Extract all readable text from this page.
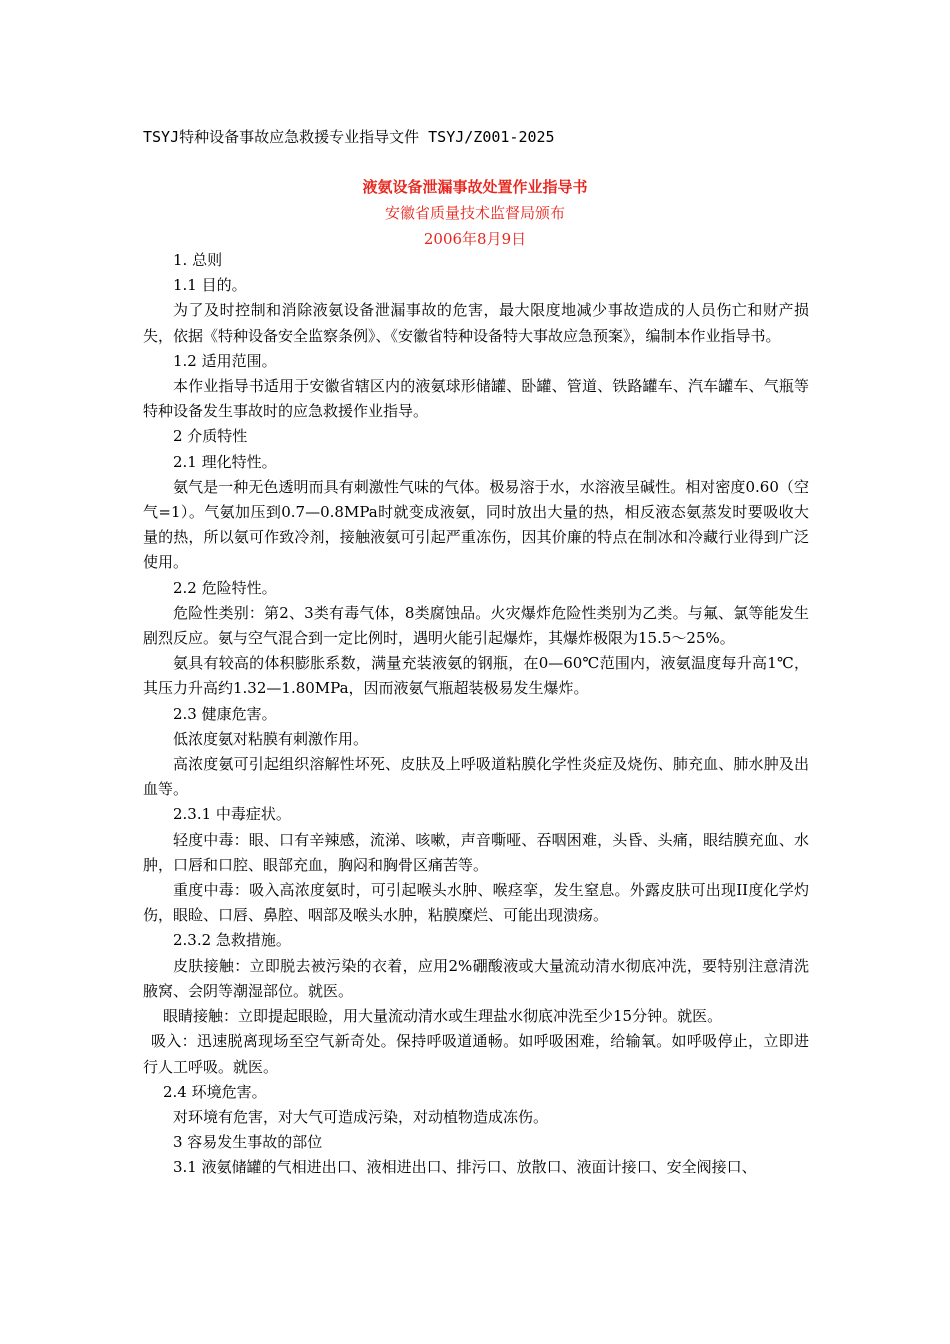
TSYJ特种设备事故应急救援专业指导文件 TSYJ/Z001-2025
液氨设备泄漏事故处置作业指导书
安徽省质量技术监督局颁布
2006年8月9日

1. 总则

1.1 目的。

为了及时控制和消除液氨设备泄漏事故的危害，最大限度地减少事故造成的人员伤亡和财产损失，依据《特种设备安全监察条例》、《安徽省特种设备特大事故应急预案》，编制本作业指导书。

1.2 适用范围。

本作业指导书适用于安徽省辖区内的液氨球形储罐、卧罐、管道、铁路罐车、汽车罐车、气瓶等特种设备发生事故时的应急救援作业指导。

2 介质特性

2.1 理化特性。

氨气是一种无色透明而具有刺激性气味的气体。极易溶于水，水溶液呈碱性。相对密度0.60（空气=1）。气氨加压到0.7—0.8MPa时就变成液氨，同时放出大量的热，相反液态氨蒸发时要吸收大量的热，所以氨可作致冷剂，接触液氨可引起严重冻伤，因其价廉的特点在制冰和冷藏行业得到广泛使用。

2.2 危险特性。

危险性类别：第2、3类有毒气体，8类腐蚀品。火灾爆炸危险性类别为乙类。与氟、氯等能发生剧烈反应。氨与空气混合到一定比例时，遇明火能引起爆炸，其爆炸极限为15.5～25%。

氨具有较高的体积膨胀系数，满量充装液氨的钢瓶，在0—60℃范围内，液氨温度每升高1℃，其压力升高约1.32—1.80MPa，因而液氨气瓶超装极易发生爆炸。

2.3 健康危害。

低浓度氨对粘膜有刺激作用。

高浓度氨可引起组织溶解性坏死、皮肤及上呼吸道粘膜化学性炎症及烧伤、肺充血、肺水肿及出血等。

2.3.1 中毒症状。

轻度中毒：眼、口有辛辣感，流涕、咳嗽，声音嘶哑、吞咽困难，头昏、头痛，眼结膜充血、水肿，口唇和口腔、眼部充血，胸闷和胸骨区痛苦等。

重度中毒：吸入高浓度氨时，可引起喉头水肿、喉痉挛，发生窒息。外露皮肤可出现II度化学灼伤，眼睑、口唇、鼻腔、咽部及喉头水肿，粘膜糜烂、可能出现溃疡。

2.3.2 急救措施。

皮肤接触：立即脱去被污染的衣着，应用2%硼酸液或大量流动清水彻底冲洗，要特别注意清洗腋窝、会阴等潮湿部位。就医。

眼睛接触：立即提起眼睑，用大量流动清水或生理盐水彻底冲洗至少15分钟。就医。

吸入：迅速脱离现场至空气新奇处。保持呼吸道通畅。如呼吸困难，给输氧。如呼吸停止，立即进行人工呼吸。就医。

2.4 环境危害。

对环境有危害，对大气可造成污染，对动植物造成冻伤。

3 容易发生事故的部位

3.1 液氨储罐的气相进出口、液相进出口、排污口、放散口、液面计接口、安全阀接口、
